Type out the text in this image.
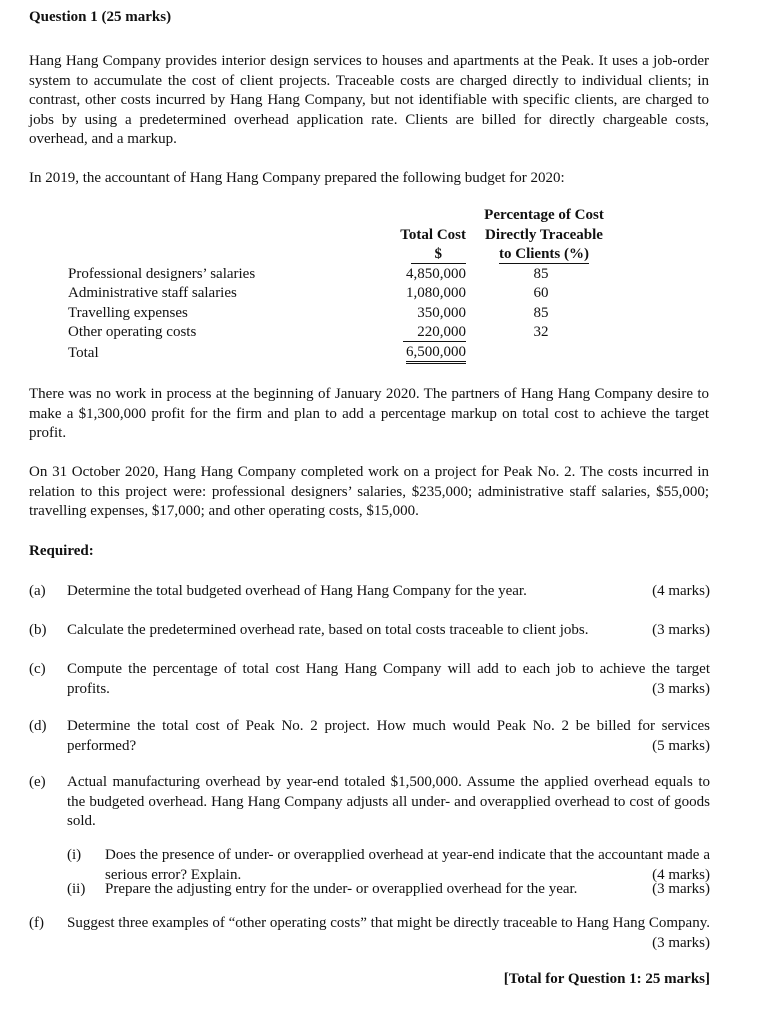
Question 1 (25 marks)
Hang Hang Company provides interior design services to houses and apartments at the Peak. It uses a job-order system to accumulate the cost of client projects. Traceable costs are charged directly to individual clients; in contrast, other costs incurred by Hang Hang Company, but not identifiable with specific clients, are charged to jobs by using a predetermined overhead application rate. Clients are billed for directly chargeable costs, overhead, and a markup.
In 2019, the accountant of Hang Hang Company prepared the following budget for 2020:
		Percentage of Cost
	Total Cost	Directly Traceable
	$	to Clients (%)
Professional designers’ salaries	4,850,000	85
Administrative staff salaries	1,080,000	60
Travelling expenses	350,000	85
Other operating costs	220,000	32
Total	6,500,000	
There was no work in process at the beginning of January 2020. The partners of Hang Hang Company desire to make a $1,300,000 profit for the firm and plan to add a percentage markup on total cost to achieve the target profit.
On 31 October 2020, Hang Hang Company completed work on a project for Peak No. 2. The costs incurred in relation to this project were: professional designers’ salaries, $235,000; administrative staff salaries, $55,000; travelling expenses, $17,000; and other operating costs, $15,000.
Required:
(a)	(4 marks)
Determine the total budgeted overhead of Hang Hang Company for the year.
(b)	(3 marks)
Calculate the predetermined overhead rate, based on total costs traceable to client jobs.
(c) Compute the percentage of total cost Hang Hang Company will add to each job to achieve the target profits.	(3 marks)
(d) Determine the total cost of Peak No. 2 project. How much would Peak No. 2 be billed for services performed?	(5 marks)
(e) Actual manufacturing overhead by year-end totaled $1,500,000. Assume the applied overhead equals to the budgeted overhead. Hang Hang Company adjusts all under- and overapplied overhead to cost of goods sold.
(i) Does the presence of under- or overapplied overhead at year-end indicate that the accountant made a serious error? Explain.	(4 marks)
(ii)	(3 marks)
Prepare the adjusting entry for the under- or overapplied overhead for the year.
(f) Suggest three examples of “other operating costs” that might be directly traceable to Hang Hang Company.
(3 marks)
[Total for Question 1: 25 marks]
